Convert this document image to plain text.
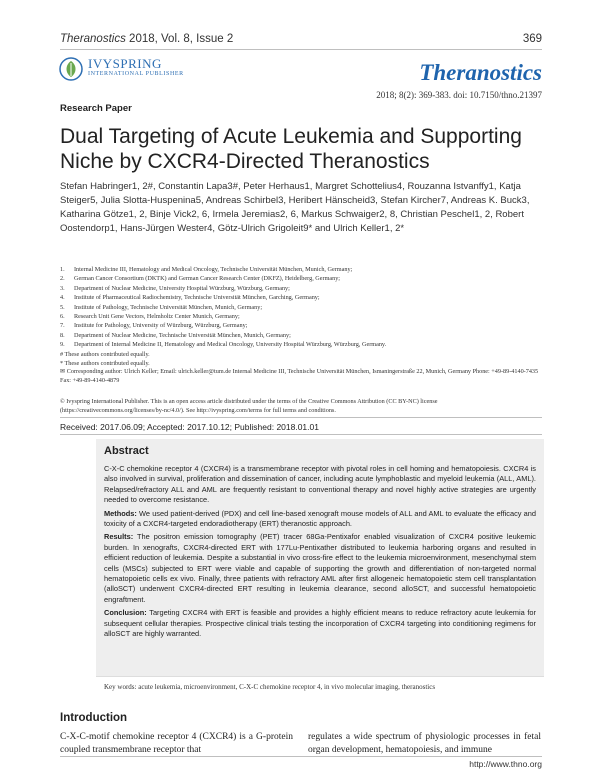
Theranostics 2018, Vol. 8, Issue 2	369
IVYSPRING
INTERNATIONAL PUBLISHER	Theranostics
2018; 8(2): 369-383. doi: 10.7150/thno.21397
Research Paper
Dual Targeting of Acute Leukemia and Supporting Niche by CXCR4-Directed Theranostics
Stefan Habringer1, 2#, Constantin Lapa3#, Peter Herhaus1, Margret Schottelius4, Rouzanna Istvanffy1, Katja Steiger5, Julia Slotta-Huspenina5, Andreas Schirbel3, Heribert Hänscheid3, Stefan Kircher7, Andreas K. Buck3, Katharina Götze1, 2, Binje Vick2, 6, Irmela Jeremias2, 6, Markus Schwaiger2, 8, Christian Peschel1, 2, Robert Oostendorp1, Hans-Jürgen Wester4, Götz-Ulrich Grigoleit9* and Ulrich Keller1, 2*
1. Internal Medicine III, Hematology and Medical Oncology, Technische Universität München, Munich, Germany;
2. German Cancer Consortium (DKTK) and German Cancer Research Center (DKFZ), Heidelberg, Germany;
3. Department of Nuclear Medicine, University Hospital Würzburg, Würzburg, Germany;
4. Institute of Pharmaceutical Radiochemistry, Technische Universität München, Garching, Germany;
5. Institute of Pathology, Technische Universität München, Munich, Germany;
6. Research Unit Gene Vectors, Helmholtz Center Munich, Germany;
7. Institute for Pathology, University of Würzburg, Würzburg, Germany;
8. Department of Nuclear Medicine, Technische Universität München, Munich, Germany;
9. Department of Internal Medicine II, Hematology and Medical Oncology, University Hospital Würzburg, Würzburg, Germany.
# These authors contributed equally.
* These authors contributed equally.
✉ Corresponding author: Ulrich Keller; Email: ulrich.keller@tum.de Internal Medicine III, Technische Universität München, Ismaningerstraße 22, Munich, Germany Phone: +49-89-4140-7435 Fax: +49-89-4140-4879
© Ivyspring International Publisher. This is an open access article distributed under the terms of the Creative Commons Attribution (CC BY-NC) license (https://creativecommons.org/licenses/by-nc/4.0/). See http://ivyspring.com/terms for full terms and conditions.
Received: 2017.06.09; Accepted: 2017.10.12; Published: 2018.01.01
Abstract

C-X-C chemokine receptor 4 (CXCR4) is a transmembrane receptor with pivotal roles in cell homing and hematopoiesis. CXCR4 is also involved in survival, proliferation and dissemination of cancer, including acute lymphoblastic and myeloid leukemia (ALL, AML). Relapsed/refractory ALL and AML are frequently resistant to conventional therapy and novel highly active strategies are urgently needed to overcome resistance.

Methods: We used patient-derived (PDX) and cell line-based xenograft mouse models of ALL and AML to evaluate the efficacy and toxicity of a CXCR4-targeted endoradiotherapy (ERT) theranostic approach.

Results: The positron emission tomography (PET) tracer 68Ga-Pentixafor enabled visualization of CXCR4 positive leukemic burden. In xenografts, CXCR4-directed ERT with 177Lu-Pentixather distributed to leukemia harboring organs and resulted in efficient reduction of leukemia. Despite a substantial in vivo cross-fire effect to the leukemia microenvironment, mesenchymal stem cells (MSCs) subjected to ERT were viable and capable of supporting the growth and differentiation of non-targeted normal hematopoietic cells ex vivo. Finally, three patients with refractory AML after first allogeneic hematopoietic stem cell transplantation (alloSCT) underwent CXCR4-directed ERT resulting in leukemia clearance, second alloSCT, and successful hematopoietic engraftment.

Conclusion: Targeting CXCR4 with ERT is feasible and provides a highly efficient means to reduce refractory acute leukemia for subsequent cellular therapies. Prospective clinical trials testing the incorporation of CXCR4 targeting into conditioning regimens for alloSCT are highly warranted.

Key words: acute leukemia, microenvironment, C-X-C chemokine receptor 4, in vivo molecular imaging, theranostics
Introduction
C-X-C-motif chemokine receptor 4 (CXCR4) is a G-protein coupled transmembrane receptor that
regulates a wide spectrum of physiologic processes in fetal organ development, hematopoiesis, and immune
http://www.thno.org
